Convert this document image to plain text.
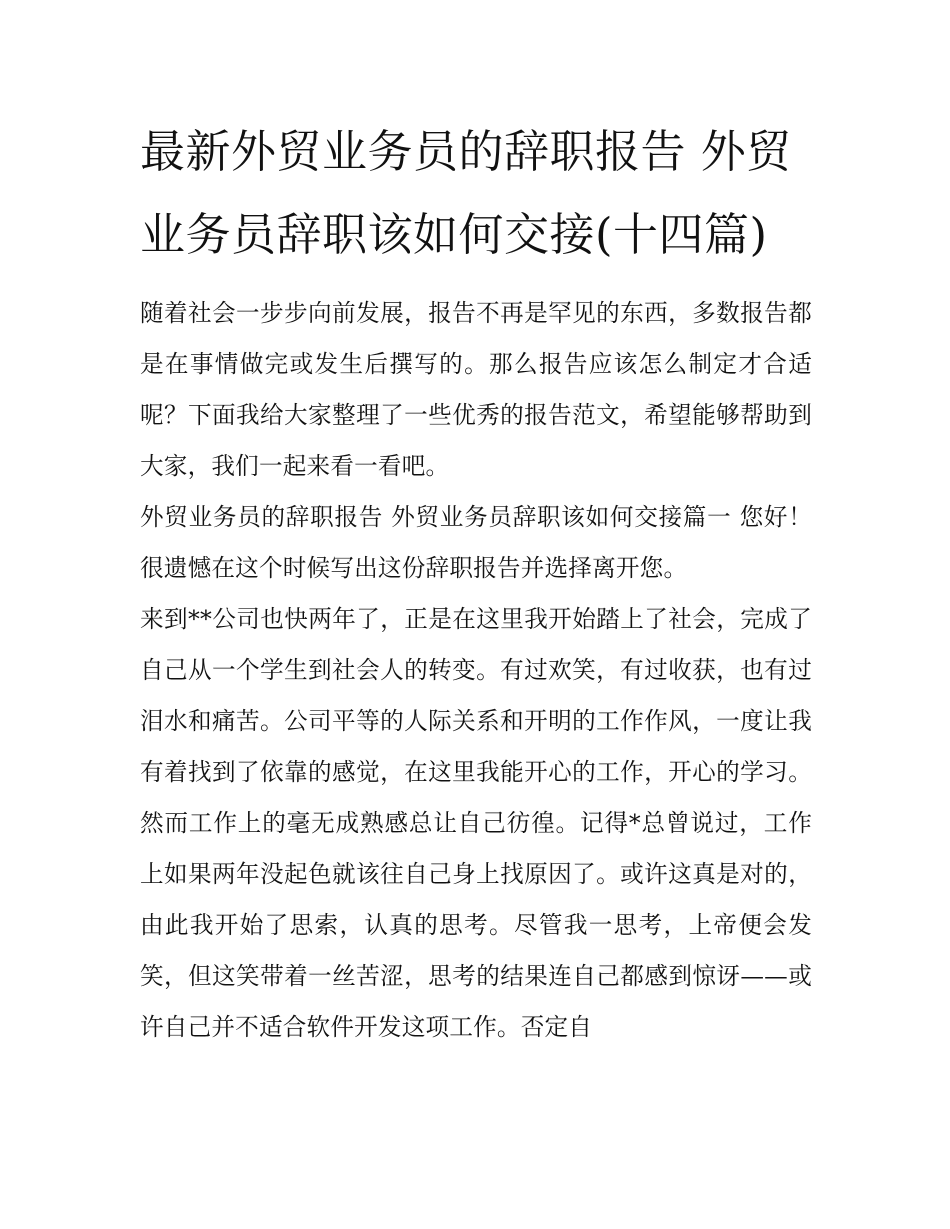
最新外贸业务员的辞职报告 外贸业务员辞职该如何交接(十四篇)

随着社会一步步向前发展，报告不再是罕见的东西，多数报告都是在事情做完或发生后撰写的。那么报告应该怎么制定才合适呢？下面我给大家整理了一些优秀的报告范文，希望能够帮助到大家，我们一起来看一看吧。

外贸业务员的辞职报告 外贸业务员辞职该如何交接篇一 您好！很遗憾在这个时候写出这份辞职报告并选择离开您。

来到**公司也快两年了，正是在这里我开始踏上了社会，完成了自己从一个学生到社会人的转变。有过欢笑，有过收获，也有过泪水和痛苦。公司平等的人际关系和开明的工作作风，一度让我有着找到了依靠的感觉，在这里我能开心的工作，开心的学习。然而工作上的毫无成熟感总让自己彷徨。记得*总曾说过，工作上如果两年没起色就该往自己身上找原因了。或许这真是对的，由此我开始了思索，认真的思考。尽管我一思考，上帝便会发笑，但这笑带着一丝苦涩，思考的结果连自己都感到惊讶——或许自己并不适合软件开发这项工作。否定自
